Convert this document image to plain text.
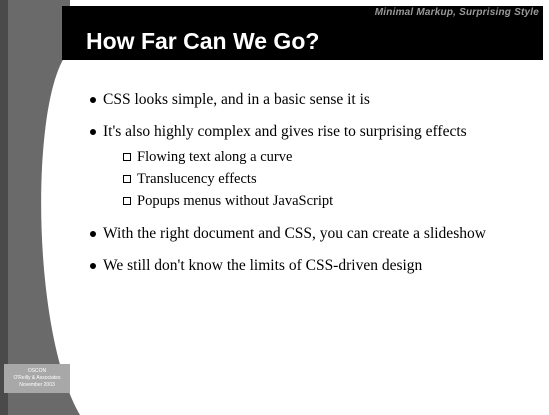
Minimal Markup, Surprising Style
How Far Can We Go?
CSS looks simple, and in a basic sense it is
It's also highly complex and gives rise to surprising effects
Flowing text along a curve
Translucency effects
Popups menus without JavaScript
With the right document and CSS, you can create a slideshow
We still don't know the limits of CSS-driven design
OSCON
O'Reilly & Associates
November 2003
